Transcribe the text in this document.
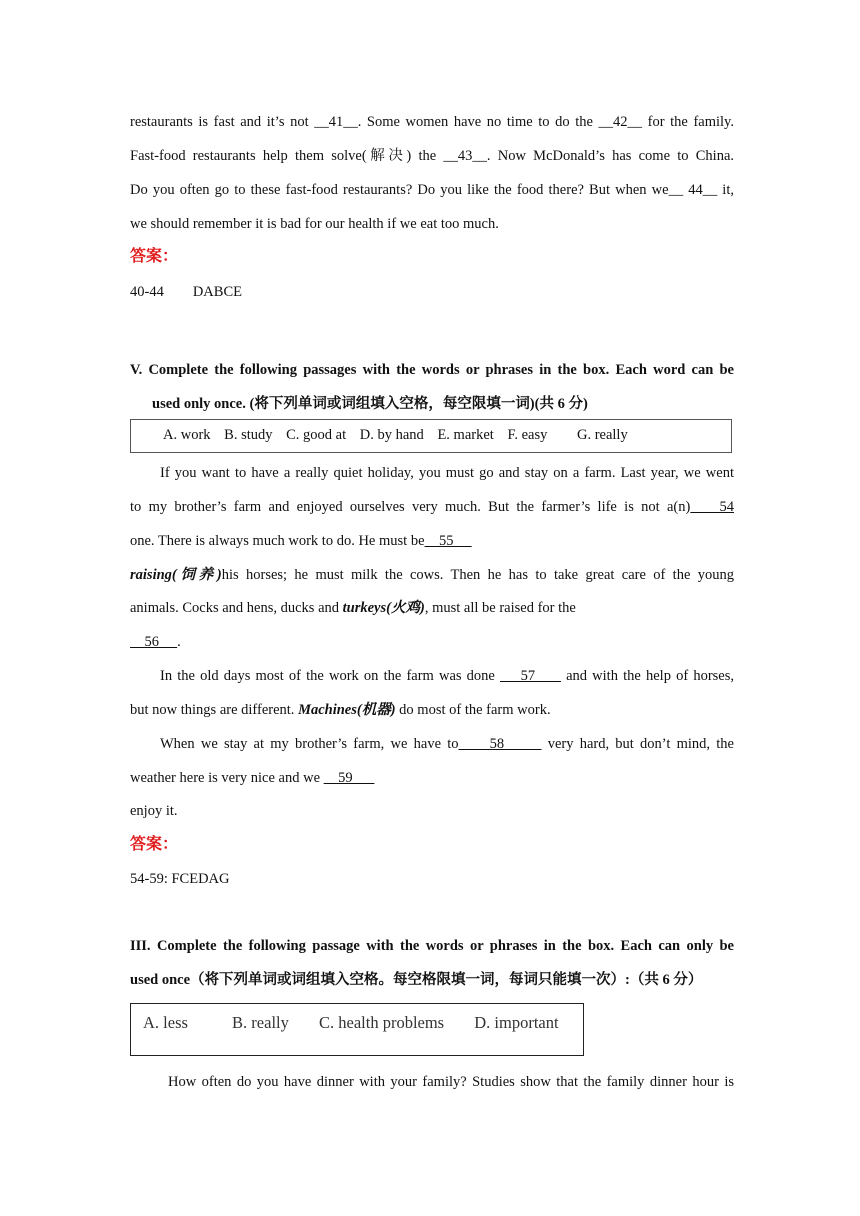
restaurants is fast and it’s not __41__. Some women have no time to do the __42__ for the family.
Fast-food restaurants help them solve(解决) the __43__. Now McDonald’s has come to China.
Do you often go to these fast-food restaurants? Do you like the food there? But when we__ 44__ it,
we should remember it is bad for our health if we eat too much.
答案：
40-44        DABCE
V. Complete the following passages with the words or phrases in the box. Each word can be
used only once. (将下列单词或词组填入空格，每空限填一词)(共 6 分)
A. work B. study C. good at D. by hand E. market F. easy G. really
If you want to have a really quiet holiday, you must go and stay on a farm. Last year, we went
to my brother’s farm and enjoyed ourselves very much. But the farmer’s life is not a(n)    54
one. There is always much work to do. He must be    55
raising(饲养)his horses; he must milk the cows. Then he has to take great care of the young
animals. Cocks and hens, ducks and turkeys(火鸡), must all be raised for the
56     .
In the old days most of the work on the farm was done     57      and with the help of horses,
but now things are different. Machines(机器) do most of the farm work.
When we stay at my brother’s farm, we have to     58       very hard, but don’t mind, the
weather here is very nice and we     59
enjoy it.
答案：
54-59: FCEDAG
III. Complete the following passage with the words or phrases in the box. Each can only be
used once（将下列单词或词组填入空格。每空格限填一词，每词只能填一次）:（共 6 分）
A. less	B. really C. health problems D. important
How often do you have dinner with your family? Studies show that the family dinner hour is
